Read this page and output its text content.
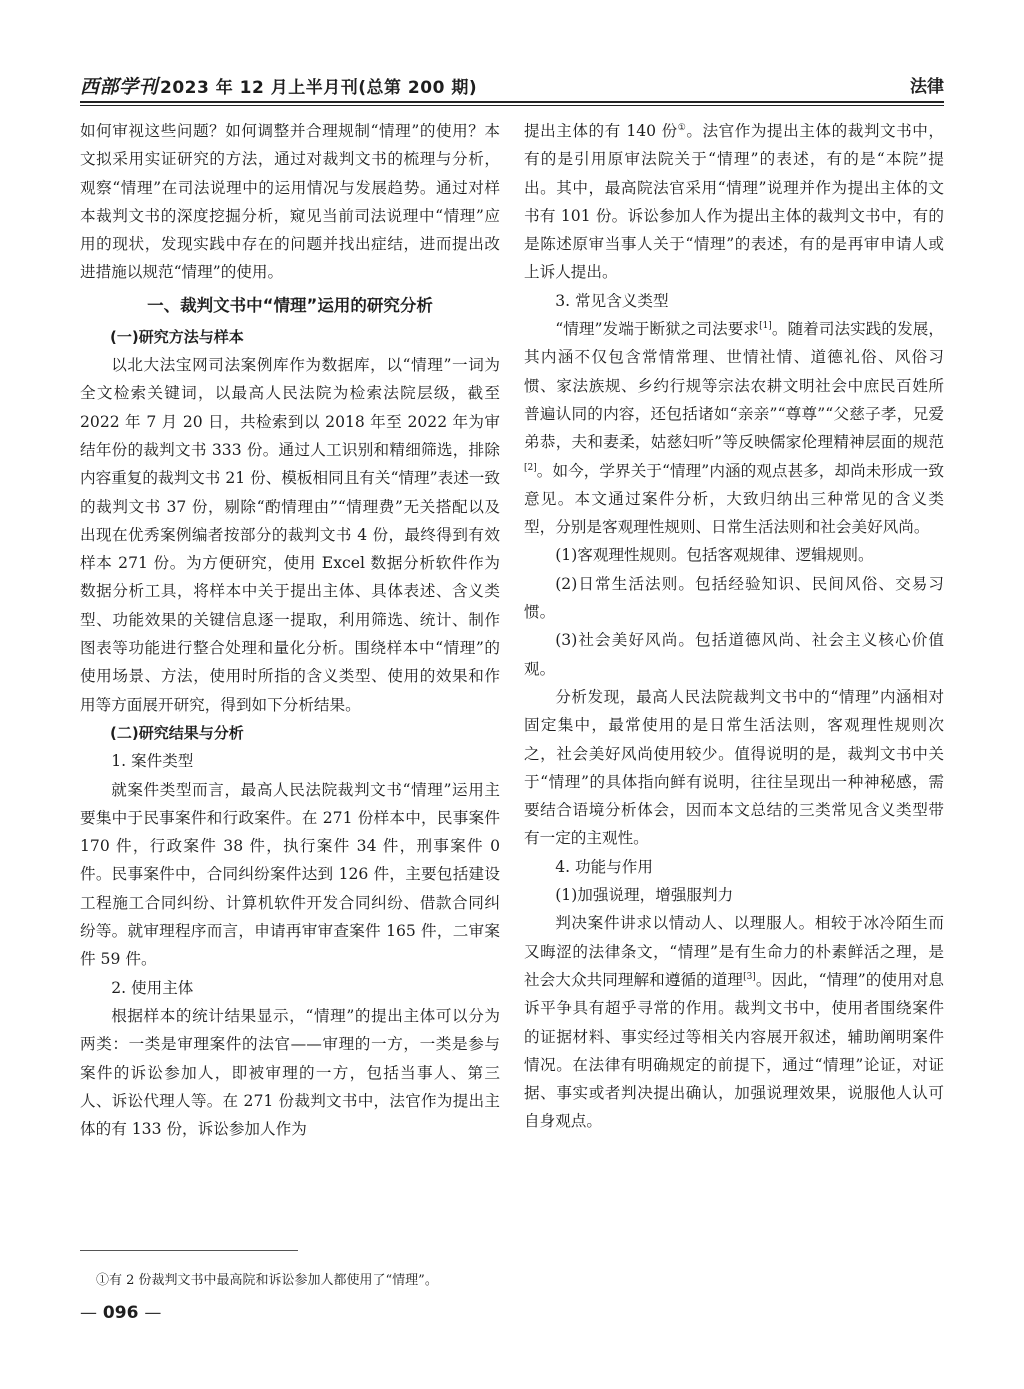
西部学刊 2023 年 12 月上半月刊(总第 200 期)	法律

如何审视这些问题？如何调整并合理规制“情理”的使用？本文拟采用实证研究的方法，通过对裁判文书的梳理与分析，观察“情理”在司法说理中的运用情况与发展趋势。通过对样本裁判文书的深度挖掘分析，窥见当前司法说理中“情理”应用的现状，发现实践中存在的问题并找出症结，进而提出改进措施以规范“情理”的使用。

一、裁判文书中“情理”运用的研究分析

(一)研究方法与样本

以北大法宝网司法案例库作为数据库，以“情理”一词为全文检索关键词，以最高人民法院为检索法院层级，截至 2022 年 7 月 20 日，共检索到以 2018 年至 2022 年为审结年份的裁判文书 333 份。通过人工识别和精细筛选，排除内容重复的裁判文书 21 份、模板相同且有关“情理”表述一致的裁判文书 37 份，剔除“酌情理由”“情理费”无关搭配以及出现在优秀案例编者按部分的裁判文书 4 份，最终得到有效样本 271 份。为方便研究，使用 Excel 数据分析软件作为数据分析工具，将样本中关于提出主体、具体表述、含义类型、功能效果的关键信息逐一提取，利用筛选、统计、制作图表等功能进行整合处理和量化分析。围绕样本中“情理”的使用场景、方法，使用时所指的含义类型、使用的效果和作用等方面展开研究，得到如下分析结果。

(二)研究结果与分析

1. 案件类型

就案件类型而言，最高人民法院裁判文书“情理”运用主要集中于民事案件和行政案件。在 271 份样本中，民事案件 170 件，行政案件 38 件，执行案件 34 件，刑事案件 0 件。民事案件中，合同纠纷案件达到 126 件，主要包括建设工程施工合同纠纷、计算机软件开发合同纠纷、借款合同纠纷等。就审理程序而言，申请再审审查案件 165 件，二审案件 59 件。

2. 使用主体

根据样本的统计结果显示，“情理”的提出主体可以分为两类：一类是审理案件的法官——审理的一方，一类是参与案件的诉讼参加人，即被审理的一方，包括当事人、第三人、诉讼代理人等。在 271 份裁判文书中，法官作为提出主体的有 133 份，诉讼参加人作为

提出主体的有 140 份①。法官作为提出主体的裁判文书中，有的是引用原审法院关于“情理”的表述，有的是“本院”提出。其中，最高院法官采用“情理”说理并作为提出主体的文书有 101 份。诉讼参加人作为提出主体的裁判文书中，有的是陈述原审当事人关于“情理”的表述，有的是再审申请人或上诉人提出。

3. 常见含义类型

“情理”发端于断狱之司法要求[1]。随着司法实践的发展，其内涵不仅包含常情常理、世情社情、道德礼俗、风俗习惯、家法族规、乡约行规等宗法农耕文明社会中庶民百姓所普遍认同的内容，还包括诸如“亲亲”“尊尊”“父慈子孝，兄爱弟恭，夫和妻柔，姑慈妇听”等反映儒家伦理精神层面的规范[2]。如今，学界关于“情理”内涵的观点甚多，却尚未形成一致意见。本文通过案件分析，大致归纳出三种常见的含义类型，分别是客观理性规则、日常生活法则和社会美好风尚。

(1)客观理性规则。包括客观规律、逻辑规则。

(2)日常生活法则。包括经验知识、民间风俗、交易习惯。

(3)社会美好风尚。包括道德风尚、社会主义核心价值观。

分析发现，最高人民法院裁判文书中的“情理”内涵相对固定集中，最常使用的是日常生活法则，客观理性规则次之，社会美好风尚使用较少。值得说明的是，裁判文书中关于“情理”的具体指向鲜有说明，往往呈现出一种神秘感，需要结合语境分析体会，因而本文总结的三类常见含义类型带有一定的主观性。

4. 功能与作用

(1)加强说理，增强服判力

判决案件讲求以情动人、以理服人。相较于冰冷陌生而又晦涩的法律条文，“情理”是有生命力的朴素鲜活之理，是社会大众共同理解和遵循的道理[3]。因此，“情理”的使用对息诉平争具有超乎寻常的作用。裁判文书中，使用者围绕案件的证据材料、事实经过等相关内容展开叙述，辅助阐明案件情况。在法律有明确规定的前提下，通过“情理”论证，对证据、事实或者判决提出确认，加强说理效果，说服他人认可自身观点。

①有 2 份裁判文书中最高院和诉讼参加人都使用了“情理”。
— 096 —
